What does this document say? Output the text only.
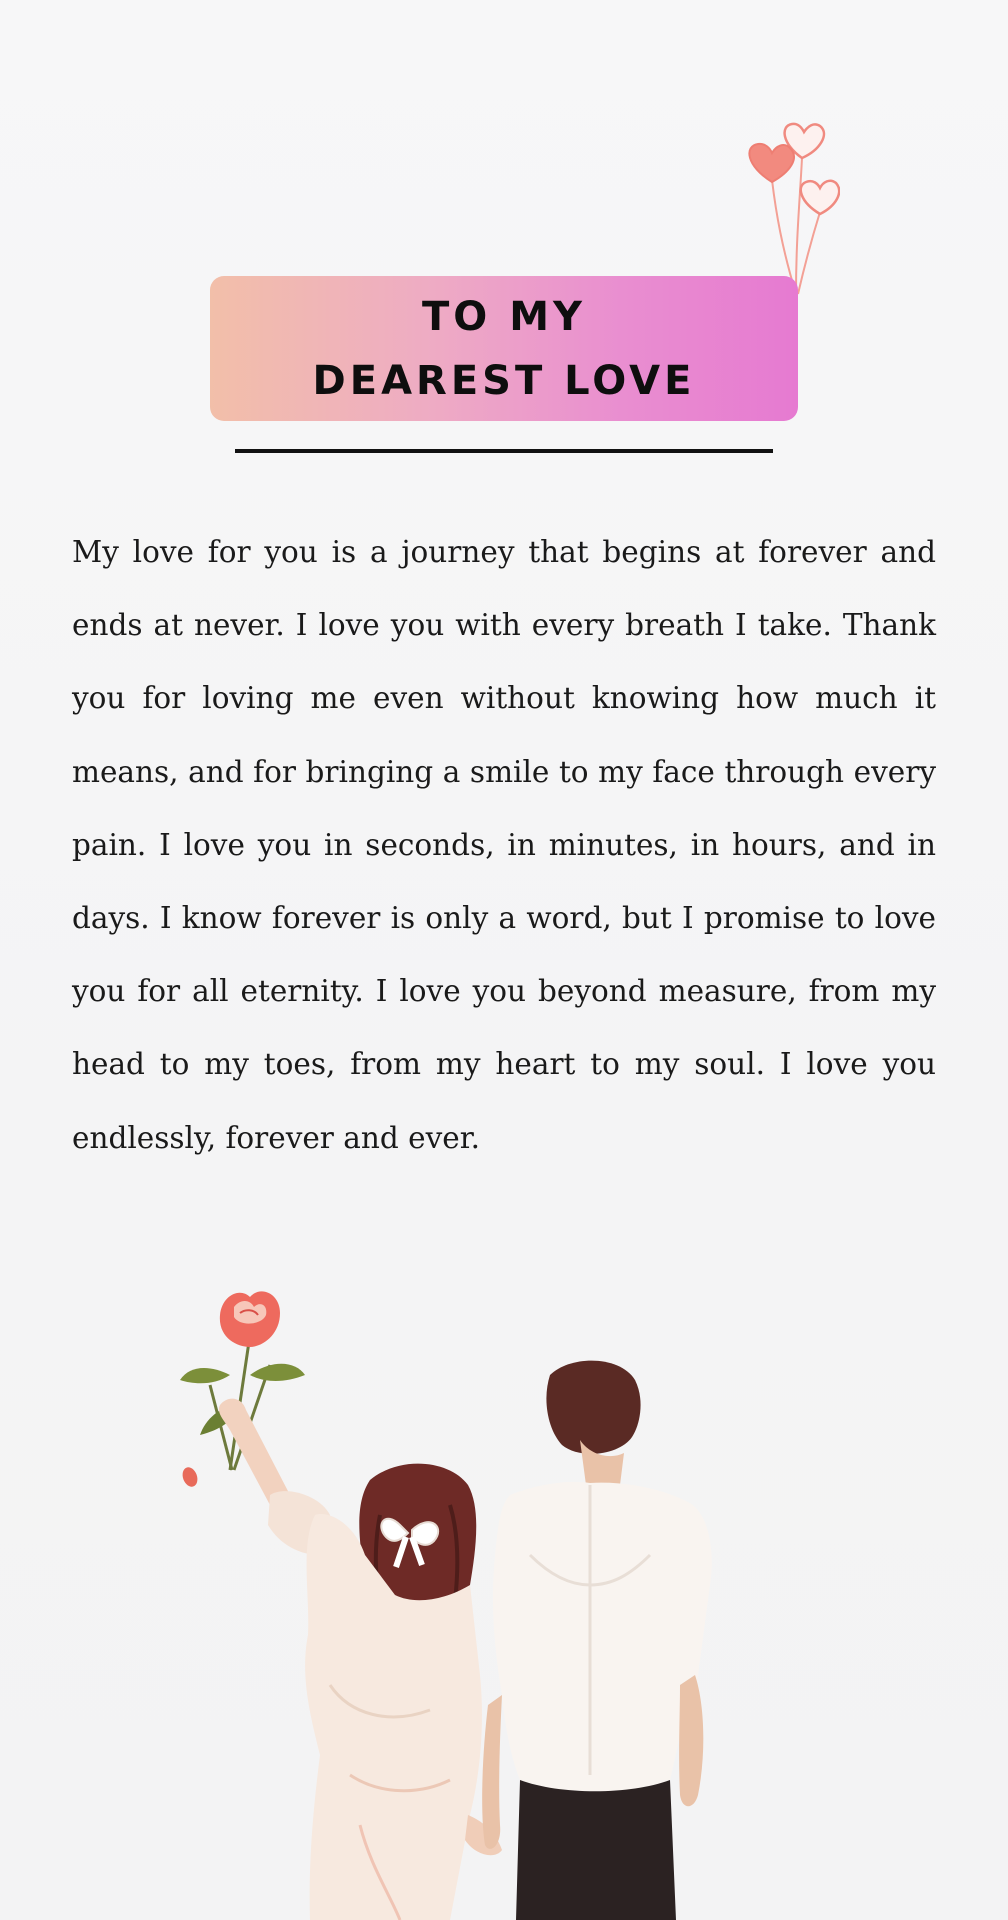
TO MY
DEAREST LOVE

My love for you is a journey that begins at forever and ends at never. I love you with every breath I take. Thank you for loving me even without knowing how much it means, and for bringing a smile to my face through every pain. I love you in seconds, in minutes, in hours, and in days. I know forever is only a word, but I promise to love you for all eternity. I love you beyond measure, from my head to my toes, from my heart to my soul. I love you endlessly, forever and ever.
